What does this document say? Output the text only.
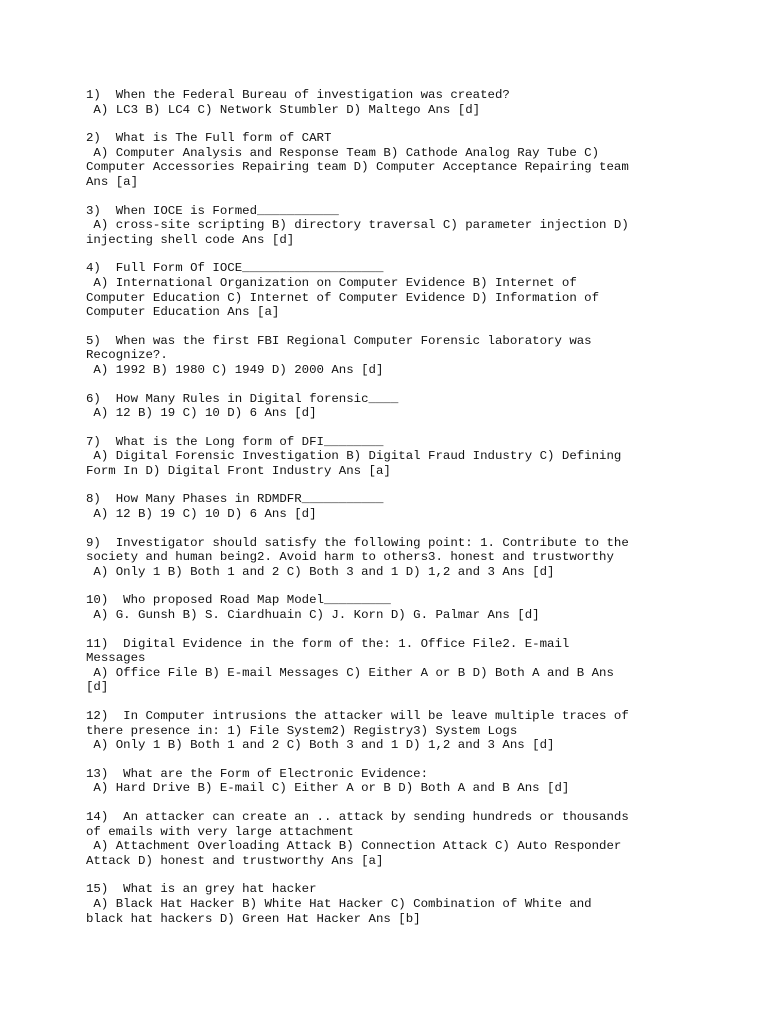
1)  When the Federal Bureau of investigation was created?
A) LC3 B) LC4 C) Network Stumbler D) Maltego Ans [d]
2)  What is The Full form of CART
A) Computer Analysis and Response Team B) Cathode Analog Ray Tube C)
Computer Accessories Repairing team D) Computer Acceptance Repairing team
Ans [a]
3)  When IOCE is Formed___________
A) cross-site scripting B) directory traversal C) parameter injection D)
injecting shell code Ans [d]
4)  Full Form Of IOCE___________________
A) International Organization on Computer Evidence B) Internet of
Computer Education C) Internet of Computer Evidence D) Information of
Computer Education Ans [a]
5)  When was the first FBI Regional Computer Forensic laboratory was
Recognize?.
A) 1992 B) 1980 C) 1949 D) 2000 Ans [d]
6)  How Many Rules in Digital forensic____
A) 12 B) 19 C) 10 D) 6 Ans [d]
7)  What is the Long form of DFI________
A) Digital Forensic Investigation B) Digital Fraud Industry C) Defining
Form In D) Digital Front Industry Ans [a]
8)  How Many Phases in RDMDFR___________
A) 12 B) 19 C) 10 D) 6 Ans [d]
9)  Investigator should satisfy the following point: 1. Contribute to the
society and human being2. Avoid harm to others3. honest and trustworthy
A) Only 1 B) Both 1 and 2 C) Both 3 and 1 D) 1,2 and 3 Ans [d]
10)  Who proposed Road Map Model_________
A) G. Gunsh B) S. Ciardhuain C) J. Korn D) G. Palmar Ans [d]
11)  Digital Evidence in the form of the: 1. Office File2. E-mail
Messages
A) Office File B) E-mail Messages C) Either A or B D) Both A and B Ans
[d]
12)  In Computer intrusions the attacker will be leave multiple traces of
there presence in: 1) File System2) Registry3) System Logs
A) Only 1 B) Both 1 and 2 C) Both 3 and 1 D) 1,2 and 3 Ans [d]
13)  What are the Form of Electronic Evidence:
A) Hard Drive B) E-mail C) Either A or B D) Both A and B Ans [d]
14)  An attacker can create an .. attack by sending hundreds or thousands
of emails with very large attachment
A) Attachment Overloading Attack B) Connection Attack C) Auto Responder
Attack D) honest and trustworthy Ans [a]
15)  What is an grey hat hacker
A) Black Hat Hacker B) White Hat Hacker C) Combination of White and
black hat hackers D) Green Hat Hacker Ans [b]
